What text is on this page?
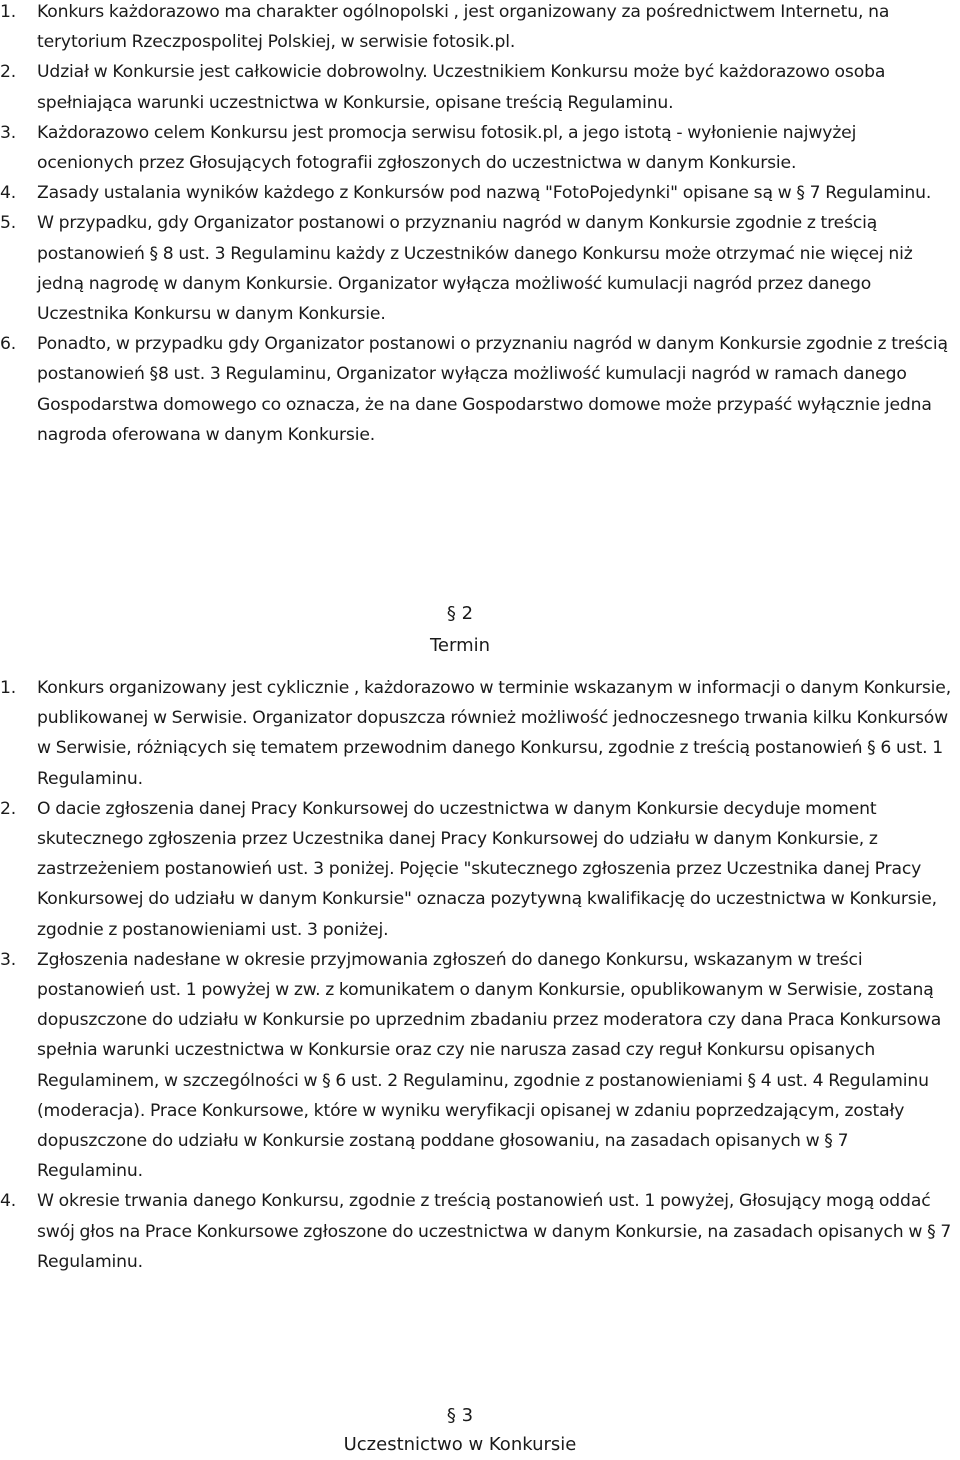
1.	Konkurs każdorazowo ma charakter ogólnopolski , jest organizowany za pośrednictwem Internetu, na terytorium Rzeczpospolitej Polskiej, w serwisie fotosik.pl.
2.	Udział w Konkursie jest całkowicie dobrowolny. Uczestnikiem Konkursu może być każdorazowo osoba spełniająca warunki uczestnictwa w Konkursie, opisane treścią Regulaminu.
3.	Każdorazowo celem Konkursu jest promocja serwisu fotosik.pl, a jego istotą - wyłonienie najwyżej ocenionych przez Głosujących fotografii zgłoszonych do uczestnictwa w danym Konkursie.
4.	Zasady ustalania wyników każdego z Konkursów pod nazwą "FotoPojedynki" opisane są w § 7 Regulaminu.
5.	W przypadku, gdy Organizator postanowi o przyznaniu nagród w danym Konkursie zgodnie z treścią postanowień § 8 ust. 3 Regulaminu każdy z Uczestników danego Konkursu może otrzymać nie więcej niż jedną nagrodę w danym Konkursie. Organizator wyłącza możliwość kumulacji nagród przez danego Uczestnika Konkursu w danym Konkursie.
6.	Ponadto, w przypadku gdy Organizator postanowi o przyznaniu nagród w danym Konkursie zgodnie z treścią postanowień §8 ust. 3 Regulaminu, Organizator wyłącza możliwość kumulacji nagród w ramach danego Gospodarstwa domowego co oznacza, że na dane Gospodarstwo domowe może przypaść wyłącznie jedna nagroda oferowana w danym Konkursie.
§ 2
Termin
1.	Konkurs organizowany jest cyklicznie , każdorazowo w terminie wskazanym w informacji o danym Konkursie, publikowanej w Serwisie. Organizator dopuszcza również możliwość jednoczesnego trwania kilku Konkursów w Serwisie, różniących się tematem przewodnim danego Konkursu, zgodnie z treścią postanowień § 6 ust. 1 Regulaminu.
2.	O dacie zgłoszenia danej Pracy Konkursowej do uczestnictwa w danym Konkursie decyduje moment skutecznego zgłoszenia przez Uczestnika danej Pracy Konkursowej do udziału w danym Konkursie, z zastrzeżeniem postanowień ust. 3 poniżej. Pojęcie "skutecznego zgłoszenia przez Uczestnika danej Pracy Konkursowej do udziału w danym Konkursie" oznacza pozytywną kwalifikację do uczestnictwa w Konkursie, zgodnie z postanowieniami ust. 3 poniżej.
3.	Zgłoszenia nadesłane w okresie przyjmowania zgłoszeń do danego Konkursu, wskazanym w treści postanowień ust. 1 powyżej w zw. z komunikatem o danym Konkursie, opublikowanym w Serwisie, zostaną dopuszczone do udziału w Konkursie po uprzednim zbadaniu przez moderatora czy dana Praca Konkursowa spełnia warunki uczestnictwa w Konkursie oraz czy nie narusza zasad czy reguł Konkursu opisanych Regulaminem, w szczególności w § 6 ust. 2 Regulaminu, zgodnie z postanowieniami § 4 ust. 4 Regulaminu (moderacja). Prace Konkursowe, które w wyniku weryfikacji opisanej w zdaniu poprzedzającym, zostały dopuszczone do udziału w Konkursie zostaną poddane głosowaniu, na zasadach opisanych w § 7 Regulaminu.
4.	W okresie trwania danego Konkursu, zgodnie z treścią postanowień ust. 1 powyżej, Głosujący mogą oddać swój głos na Prace Konkursowe zgłoszone do uczestnictwa w danym Konkursie, na zasadach opisanych w § 7 Regulaminu.
§ 3
Uczestnictwo w Konkursie
